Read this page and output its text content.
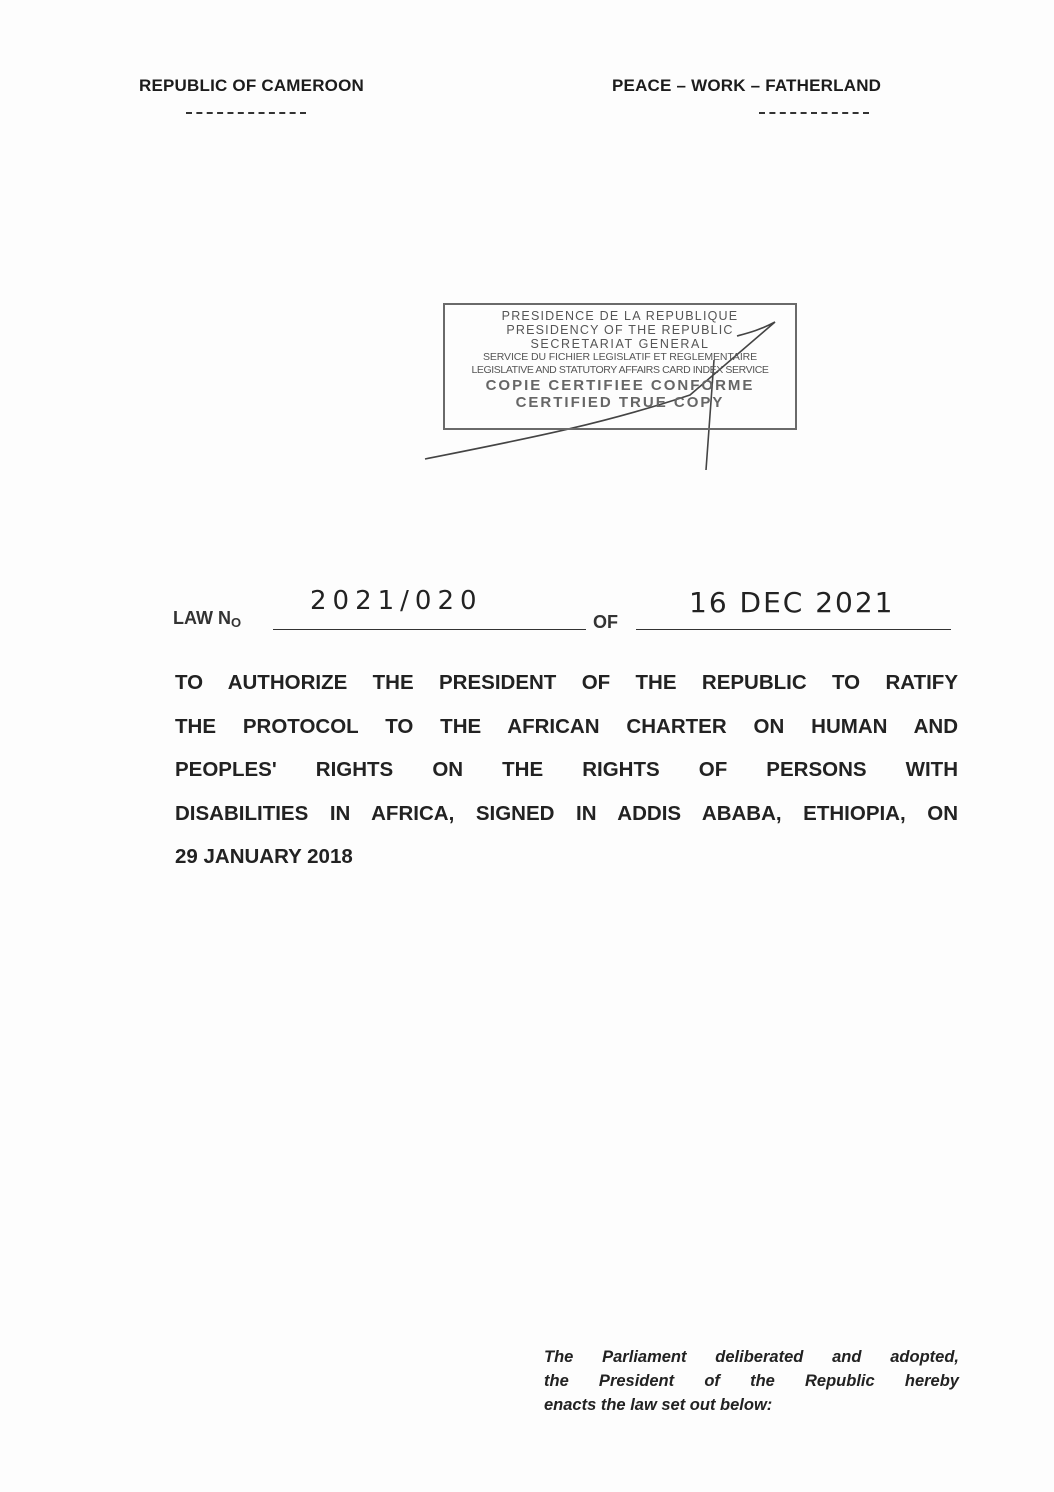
REPUBLIC OF CAMEROON	PEACE – WORK – FATHERLAND
PRESIDENCE DE LA REPUBLIQUE
PRESIDENCY OF THE REPUBLIC
SECRETARIAT GENERAL
SERVICE DU FICHIER LEGISLATIF ET REGLEMENTAIRE
LEGISLATIVE AND STATUTORY AFFAIRS CARD INDEX SERVICE
COPIE CERTIFIEE CONFORME
CERTIFIED TRUE COPY
LAW $N_O$
2021/020
OF
16 DEC 2021
TO AUTHORIZE THE PRESIDENT OF THE REPUBLIC TO RATIFY
THE PROTOCOL TO THE AFRICAN CHARTER ON HUMAN AND
PEOPLES' RIGHTS ON THE RIGHTS OF PERSONS WITH
DISABILITIES IN AFRICA, SIGNED IN ADDIS ABABA, ETHIOPIA, ON
29 JANUARY 2018
The Parliament deliberated and adopted,
the President of the Republic hereby
enacts the law set out below:
